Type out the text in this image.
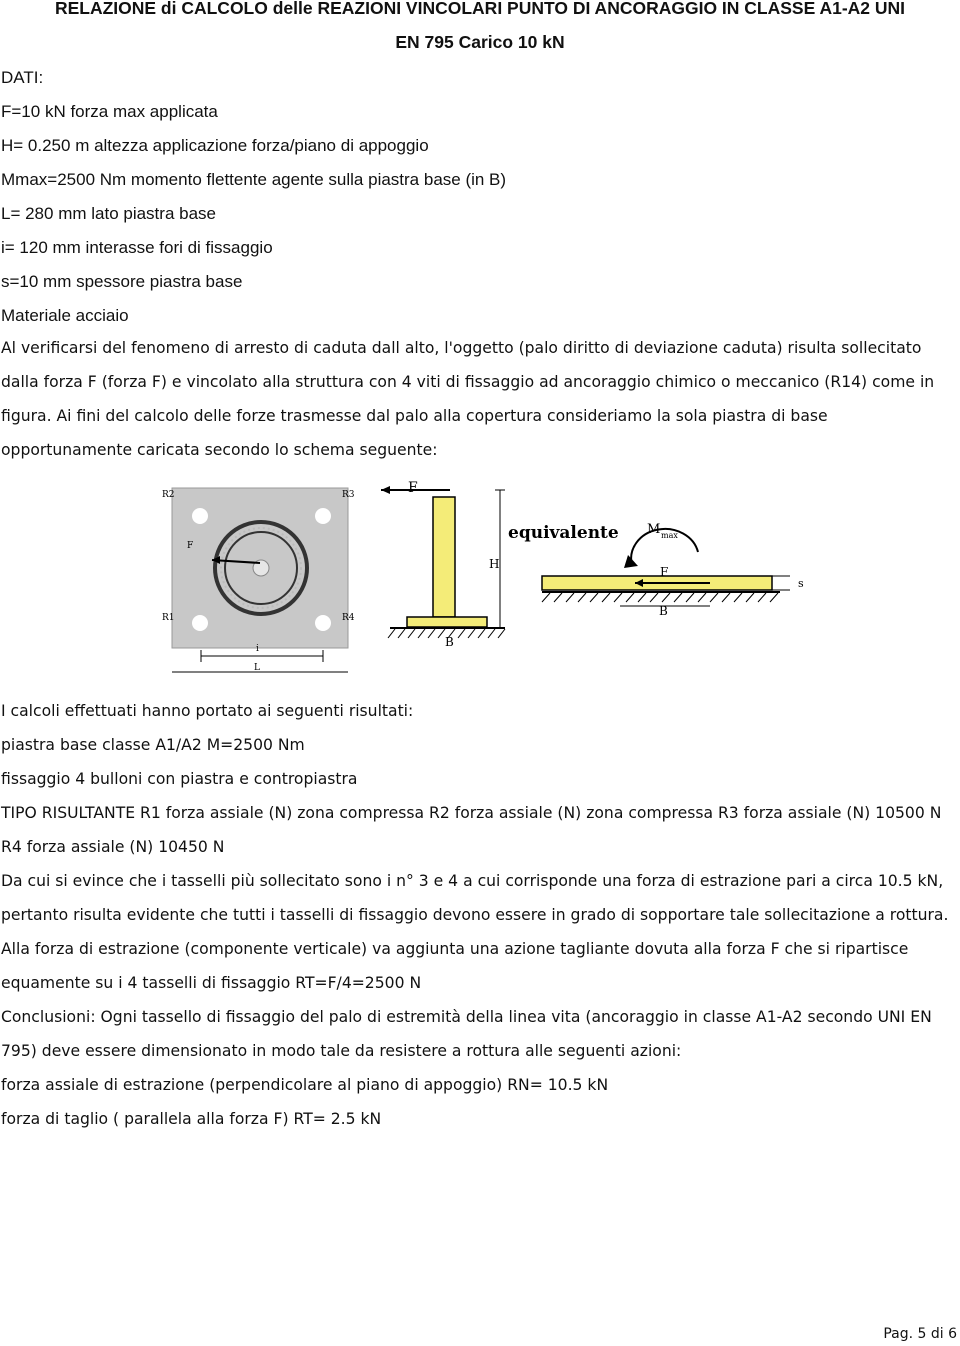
RELAZIONE di CALCOLO delle REAZIONI VINCOLARI PUNTO DI ANCORAGGIO IN CLASSE A1-A2 UNI
EN 795 Carico 10 kN
DATI:
F=10 kN forza max applicata
H= 0.250 m altezza applicazione forza/piano di appoggio
Mmax=2500 Nm momento flettente agente sulla piastra base (in B)
L= 280 mm lato piastra base
i= 120 mm interasse fori di fissaggio
s=10 mm spessore piastra base
Materiale acciaio
Al verificarsi del fenomeno di arresto di caduta dall alto, l'oggetto (palo diritto di deviazione caduta) risulta sollecitato dalla forza F (forza F) e vincolato alla struttura con 4 viti di fissaggio ad ancoraggio chimico o meccanico (R14) come in figura. Ai fini del calcolo delle forze trasmesse dal palo alla copertura consideriamo la sola piastra di base opportunamente caricata secondo lo schema seguente:
R2	R3
R1	R4
F
i
L
F
H
B
equivalente M max
F
s
B
I calcoli effettuati hanno portato ai seguenti risultati:
piastra base classe A1/A2 M=2500 Nm
fissaggio 4 bulloni con piastra e contropiastra
TIPO RISULTANTE R1 forza assiale (N) zona compressa R2 forza assiale (N) zona compressa R3 forza assiale (N) 10500 N R4 forza assiale (N) 10450 N
Da cui si evince che i tasselli più sollecitato sono i n° 3 e 4 a cui corrisponde una forza di estrazione pari a circa 10.5 kN, pertanto risulta evidente che tutti i tasselli di fissaggio devono essere in grado di sopportare tale sollecitazione a rottura. Alla forza di estrazione (componente verticale) va aggiunta una azione tagliante dovuta alla forza F che si ripartisce equamente su i 4 tasselli di fissaggio RT=F/4=2500 N
Conclusioni: Ogni tassello di fissaggio del palo di estremità della linea vita (ancoraggio in classe A1-A2 secondo UNI EN 795) deve essere dimensionato in modo tale da resistere a rottura alle seguenti azioni:
forza assiale di estrazione (perpendicolare al piano di appoggio) RN= 10.5 kN
forza di taglio ( parallela alla forza F) RT= 2.5 kN
Pag. 5 di 6
